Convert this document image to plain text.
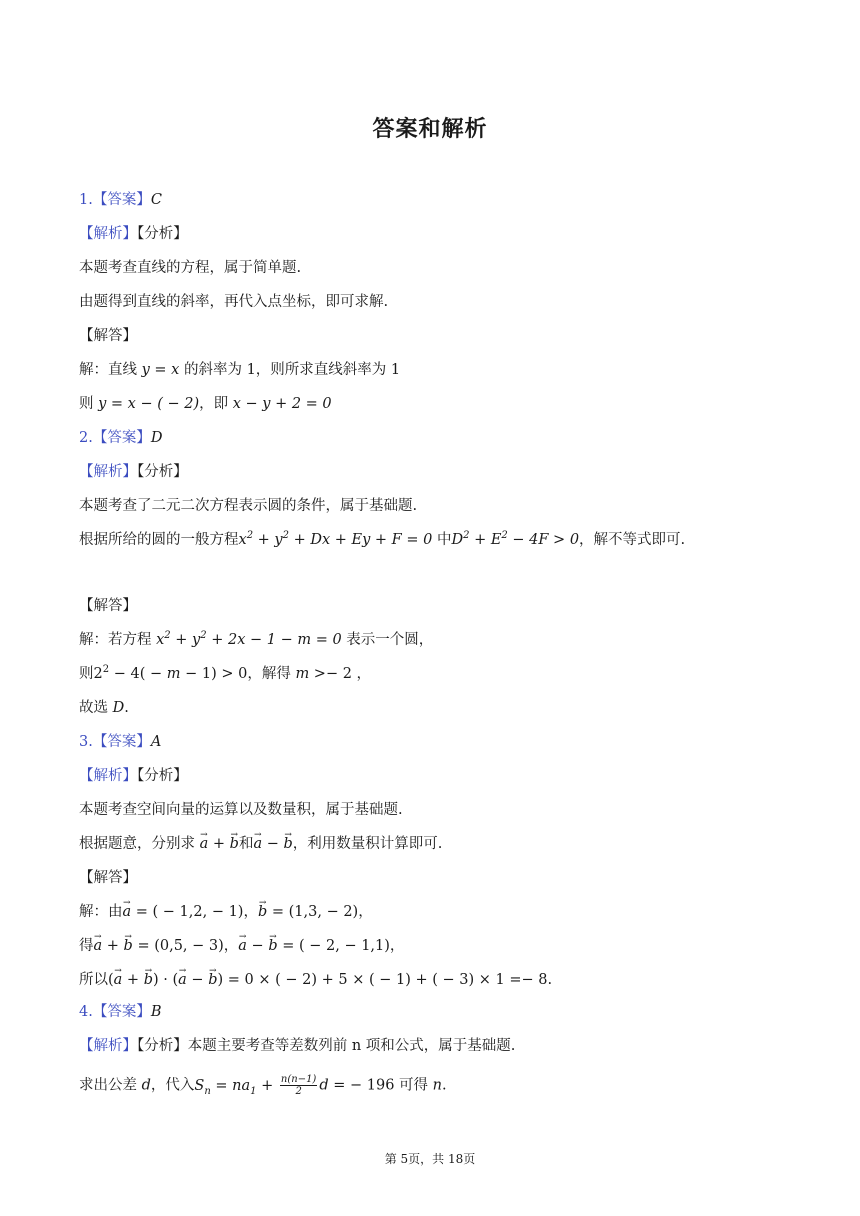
答案和解析
1.【答案】C
【解析】【分析】
本题考查直线的方程，属于简单题.
由题得到直线的斜率，再代入点坐标，即可求解.
【解答】
解：直线 y = x 的斜率为 1，则所求直线斜率为 1
则 y = x − ( − 2)，即 x − y + 2 = 0
2.【答案】D
【解析】【分析】
本题考查了二元二次方程表示圆的条件，属于基础题.
根据所给的圆的一般方程$x^2 + y^2 + Dx + Ey + F = 0$ 中$D^2 + E^2 - 4F > 0$，解不等式即可.
【解答】
解：若方程 $x^2 + y^2 + 2x - 1 - m = 0$ 表示一个圆，
则$2^2 - 4( - m - 1) > 0$，解得 m >− 2 ，
故选 D.
3.【答案】A
【解析】【分析】
本题考查空间向量的运算以及数量积，属于基础题.
根据题意，分别求 → a + → b和→ a − → b，利用数量积计算即可.
【解答】
解：由→ a = ( − 1,2, − 1)，→ b = (1,3, − 2)，
得→ a + → b = (0,5, − 3)，→ a − → b = ( − 2, − 1,1)，
所以(→ a + → b) · (→ a − → b) = 0 × ( − 2) + 5 × ( − 1) + ( − 3) × 1 =− 8.
4.【答案】B
【解析】【分析】本题主要考查等差数列前 n 项和公式，属于基础题.
求出公差 d，代入$S_n = na_1 + \frac{n(n-1)}{2}$ d = − 196 可得 n.
第 5页，共 18页
